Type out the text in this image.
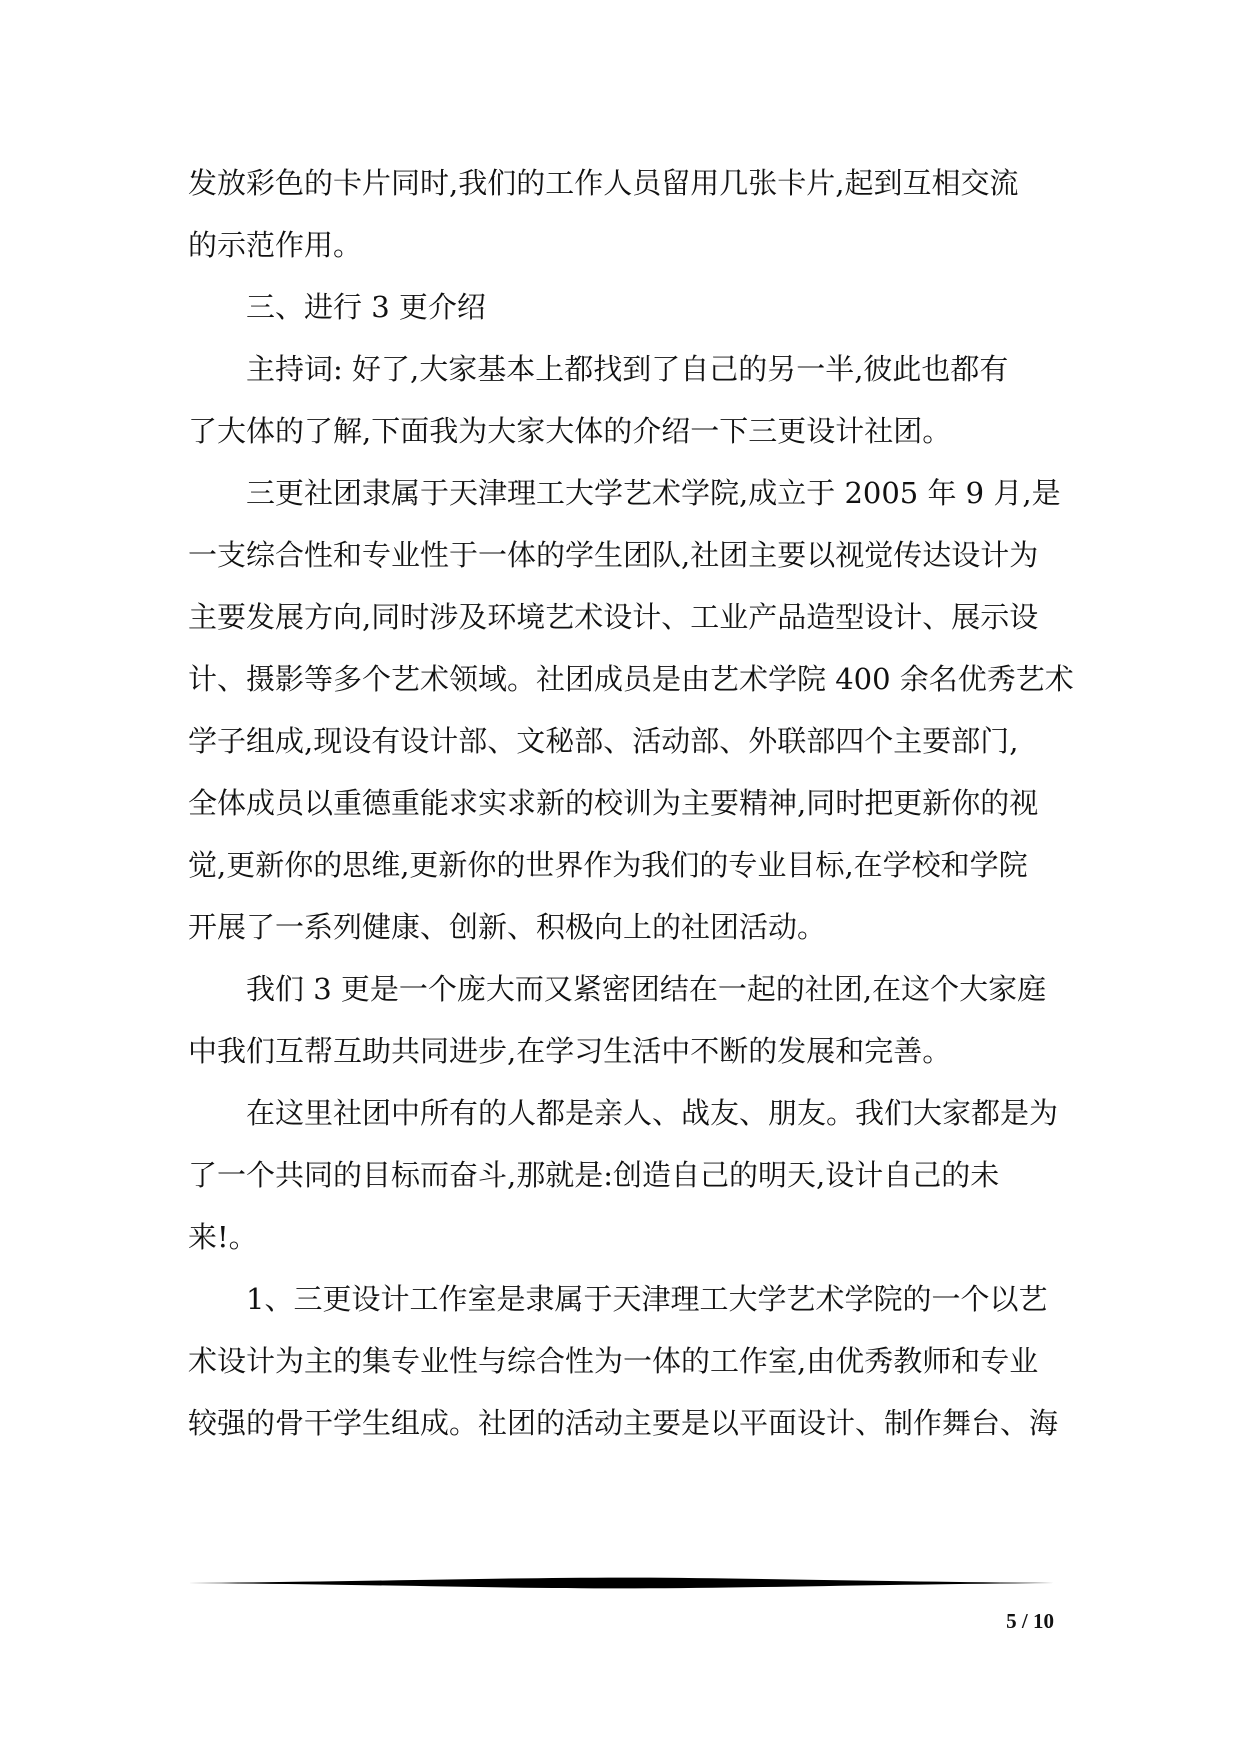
发放彩色的卡片同时,我们的工作人员留用几张卡片,起到互相交流
的示范作用。
　　三、进行 3 更介绍
　　主持词: 好了,大家基本上都找到了自己的另一半,彼此也都有
了大体的了解,下面我为大家大体的介绍一下三更设计社团。
　　三更社团隶属于天津理工大学艺术学院,成立于 2005 年 9 月,是
一支综合性和专业性于一体的学生团队,社团主要以视觉传达设计为
主要发展方向,同时涉及环境艺术设计、工业产品造型设计、展示设
计、摄影等多个艺术领域。社团成员是由艺术学院 400 余名优秀艺术
学子组成,现设有设计部、文秘部、活动部、外联部四个主要部门,
全体成员以重德重能求实求新的校训为主要精神,同时把更新你的视
觉,更新你的思维,更新你的世界作为我们的专业目标,在学校和学院
开展了一系列健康、创新、积极向上的社团活动。
　　我们 3 更是一个庞大而又紧密团结在一起的社团,在这个大家庭
中我们互帮互助共同进步,在学习生活中不断的发展和完善。
　　在这里社团中所有的人都是亲人、战友、朋友。我们大家都是为
了一个共同的目标而奋斗,那就是:创造自己的明天,设计自己的未
来!。
　　1、三更设计工作室是隶属于天津理工大学艺术学院的一个以艺
术设计为主的集专业性与综合性为一体的工作室,由优秀教师和专业
较强的骨干学生组成。社团的活动主要是以平面设计、制作舞台、海
5 / 10
